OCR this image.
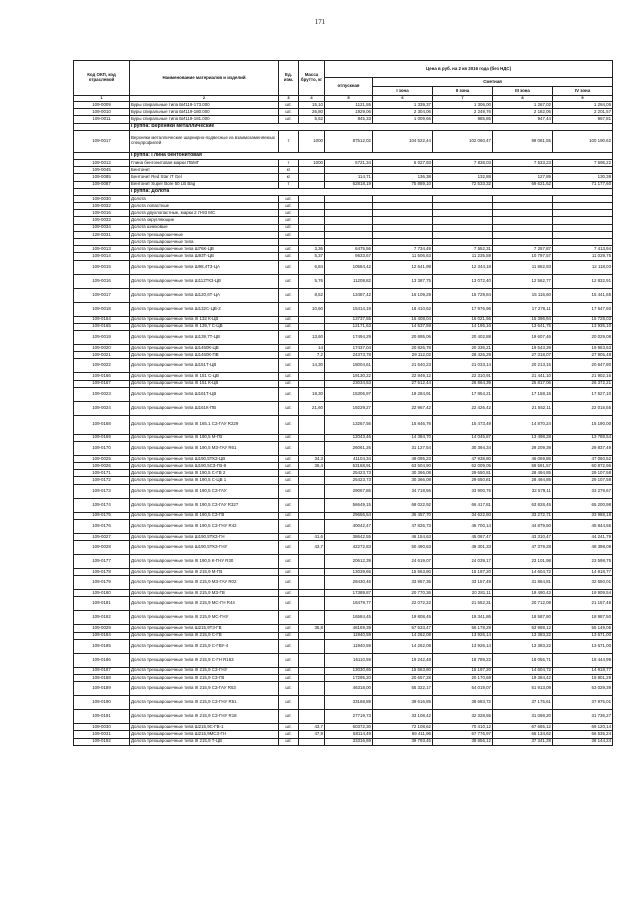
171
Код ОКП, код отраслевой	Наименование материалов и изделий	Ед. изм.	Масса брутто, кг	Цена в руб. на 2 кв 2016 года (без НДС)				
				отпускная	Сметная			
					I зона	II зона	III зона	IV зона
1	2	3	4	5	6	7	8	9
109-0009	Буры спиральные типа БИ119-173.000	шт.	15,10	1121,55	1 339,37	1 306,00	1 267,02	1 284,05
109-0010	Буры спиральные типа БИ119-180.000	шт.	26,80	1929,06	2 304,06	2 249,76	2 182,06	2 201,57
109-0011	Буры спиральные типа БИ119-181.000	шт.	5,52	845,33	1 009,66	985,86	947,44	967,81
	Группа: Верхняки металлические							
109-0017	Верхняки металлические шарнирно-подвесные из взаимозаменяемых спецпрофилей	т	1000	87512,02	104 522,44	102 060,47	98 081,55	100 190,62
	Группа: Глина бентонитовая							
109-0012	Глина бентонитовая марки ПБМГ	т	1000	5721,34	6 027,93	7 838,03	7 533,23	7 695,22
109-0045	Бентонит	кг						
109-0085	Бентонит Red Star IT Gel	кг		114,71	136,38	132,88	127,89	130,38
109-0087	Бентонит Super Bore 50 LB Bag	т		62818,19	75 889,10	72 533,32	69 621,62	71 177,60
	Группа: Долота							
109-0030	Долота	шт.						
109-0032	Долота лопастные	шт.						
109-0016	Долота двухлопастные, марки 2 Л-93 МС	шт.						
109-0033	Долота округляющие	шт.						
109-0034	Долота шнековые	шт.						
128-0031	Долота трехшарошечные	шт.						
	Долота трехшарошечные типа							
109-0013	Долота трехшарошечные типа Ш76К-ЦВ	шт.	3,36	6475,56	7 734,49	7 552,31	7 257,87	7 413,94
109-0014	Долота трехшарошечные типа Ш93Т-ЦВ	шт.	5,37	9633,67	11 506,63	11 235,59	10 797,57	11 029,75
109-0015	Долота трехшарошечные типа Ш98,4Т3-ЦА	шт.	6,84	10584,42	12 641,98	12 344,18	11 862,93	12 118,03
109-0016	Долота трехшарошечные типа Ш112ТК3-ЦВ	шт.	5,76	11208,82	13 387,75	13 072,40	12 562,77	12 832,91
109-0017	Долота трехшарошечные типа Ш120,6Т-ЦА	шт.	8,52	13487,42	16 109,29	15 729,84	15 116,60	15 441,65
109-0018	Долота трехшарошечные типа Ш132С-ЦВ-2	шт.	10,60	15414,19	18 410,62	17 976,96	17 276,11	17 647,60
109-0164	Долота трехшарошечные типа III 132 К-ЦВ	шт.		13737,55	16 408,04	16 021,56	15 396,94	15 728,03
109-0165	Долота трехшарошечные типа III 139,7 С-ЦВ	шт.		12171,63	14 537,59	14 195,16	13 641,75	13 935,10
109-0019	Долота трехшарошечные типа Ш139,7Т-ЦВ	шт.	13,60	17494,29	20 895,06	20 402,88	19 607,46	20 029,08
109-0020	Долота трехшарошечные типа Ш1460К-ЦВ	шт.	14	17437,04	20 826,78	20 336,21	19 543,39	19 963,63
109-0021	Долота трехшарошечные типа Ш1460К-ПВ	шт.	7,2	24373,78	29 112,02	28 426,29	27 318,07	27 905,48
109-0022	Долота трехшарошечные типа Ш151Т-ЦВ	шт.	14,30	18004,61	21 540,23	21 033,14	20 213,15	20 647,80
109-0166	Долота трехшарошечные типа III 151 С-ЦВ	шт.		19130,22	22 849,12	22 310,91	21 441,10	21 902,16
109-0167	Долота трехшарошечные типа III 151 К-ЦВ	шт.		23034,53	27 512,44	26 864,39	25 817,06	26 372,21
109-0023	Долота трехшарошечные типа Ш161Т-ЦВ	шт.	18,30	15306,97	18 284,91	17 854,21	17 158,15	17 527,10
109-0024	Долота трехшарошечные типа Ш161К-ПВ	шт.	21,60	19229,27	22 967,42	22 426,42	21 552,11	22 015,55
109-0168	Долота трехшарошечные типа III 165.1 СЗ-ГАУ R229	шт.		13267,56	15 846,76	15 473,49	14 870,24	15 190,00
109-0169	Долота трехшарошечные типа III 190,5 М-ГВ	шт.		12043,46	14 384,70	14 045,87	13 498,28	13 788,54
109-0170	Долота трехшарошечные типа III 190,5 МЗ-ГАУ R61	шт.		26061,26	31 127,54	30 394,34	29 209,39	29 837,49
109-0025	Долота трехшарошечные типа Ш190,5ТКЗ-ЦВ	шт.	34,3	41104,34	49 095,23	47 938,80	46 069,86	47 060,52
109-0026	Долота трехшарошечные типа Ш190,5СЗ-ГВ-9	шт.	36,4	53168,91	63 504,90	62 009,05	59 591,57	60 872,96
109-0171	Долота трехшарошечные типа III 190,5 С-ГВ 2	шт.		25423,73	30 366,08	29 650,81	28 494,85	29 107,58
109-0172	Долота трехшарошечные типа III 190,5 С-ЦВ 1	шт.		25423,73	30 366,08	29 650,81	28 494,85	29 107,58
109-0173	Долота трехшарошечные типа III 190,5 СЗ-ГАУ	шт.		29067,86	34 718,56	33 900,76	32 579,11	33 279,67
109-0174	Долота трехшарошечные типа III 190,5 СЗ-ГАУ R327	шт.		56649,15	68 022,92	66 417,81	63 828,45	65 200,98
109-0175	Долота трехшарошечные типа III 190,5 СЗ-ГВ	шт.		29656,54	35 457,70	34 622,50	33 272,71	33 988,18
109-0176	Долота трехшарошечные типа III 190,5 СЗ-ГНУ R42	шт.		40042,47	47 826,73	46 700,14	44 879,50	45 844,56
109-0027	Долота трехшарошечные типа Ш190,5ТКЗ-ГН	шт.	41,6	38642,55	46 154,63	45 067,47	43 310,47	44 241,79
109-0028	Долота трехшарошечные типа Ш190,5ТКЗ-ГНУ	шт.	43,7	42272,83	50 490,63	49 301,33	47 379,28	48 398,09
109-0177	Долота трехшарошечные типа III 190,5 К-ГНУ R30	шт.		20612,39	24 619,07	24 039,17	23 101,98	23 598,75
109-0178	Долота трехшарошечные типа III 215,9 М-ГВ	шт.		13039,65	15 563,80	15 197,20	14 604,72	14 918,77
109-0179	Долота трехшарошечные типа III 215,9 МЗ-ГАУ R02	шт.		28430,46	33 957,35	33 157,49	31 864,81	32 550,01
109-0180	Долота трехшарошечные типа III 215,9 МЗ-ГВ	шт.		17389,87	20 770,36	20 281,11	19 490,43	19 909,54
109-0181	Долота трехшарошечные типа III 215,9 МС-ГН R44	шт.		18479,77	22 072,22	21 552,31	20 712,08	21 157,46
109-0182	Долота трехшарошечные типа III 215,9 МС-ГНУ	шт.		16584,45	19 808,45	19 341,86	18 587,80	18 987,50
109-0029	Долота трехшарошечные типа Ш215,9Т3-ГВ	шт.	35,8	48169,39	57 533,47	56 178,28	53 988,12	55 149,05
109-0184	Долота трехшарошечные типа III 215,9 С-ГВ	шт.		11940,59	14 262,08	13 926,14	13 383,22	13 671,00
109-0185	Долота трехшарошечные типа III 215,9 С-ГВУ-4	шт.		11940,59	14 262,08	13 926,14	13 383,22	13 671,00
109-0186	Долота трехшарошечные типа III 215,9 С-ГН R163	шт.		16110,59	19 242,48	18 789,22	18 056,71	18 444,99
109-0187	Долота трехшарошечные типа III 215,9 СЗ-ГНУ	шт.		13030,65	15 563,80	15 197,20	14 604,72	14 918,77
109-0188	Долота трехшарошечные типа III 215,9 СЗ-ГВ	шт.		17295,20	20 657,28	20 170,69	19 384,42	19 801,29
109-0189	Долота трехшарошечные типа III 215,9 СЗ-ГАУ R53	шт.		46318,00	55 322,17	54 019,07	51 913,09	53 029,39
109-0190	Долота трехшарошечные типа III 215,9 СЗ-ГНУ R51	шт.		33168,89	39 616,85	38 683,72	37 175,61	37 975,01
109-0191	Долота трехшарошечные типа III 215,9 СЗ-ГНУ R18	шт.		27719,73	33 108,42	32 328,55	31 068,20	31 736,27
109-0030	Долота трехшарошечные типа Ш215,9С-ГВ-1	шт.	43,7	60372,30	72 108,62	70 410,12	67 665,12	69 120,14
109-0031	Долота трехшарошечные типа Ш215,9МСЗ-ГН	шт.	47,9	58114,49	69 411,96	67 776,97	65 134,62	66 535,24
109-0192	Долота трехшарошечные типа III 215,9 Т-ЦВ	шт.		33316,69	39 793,45	38 856,12	37 341,28	38 144,24
